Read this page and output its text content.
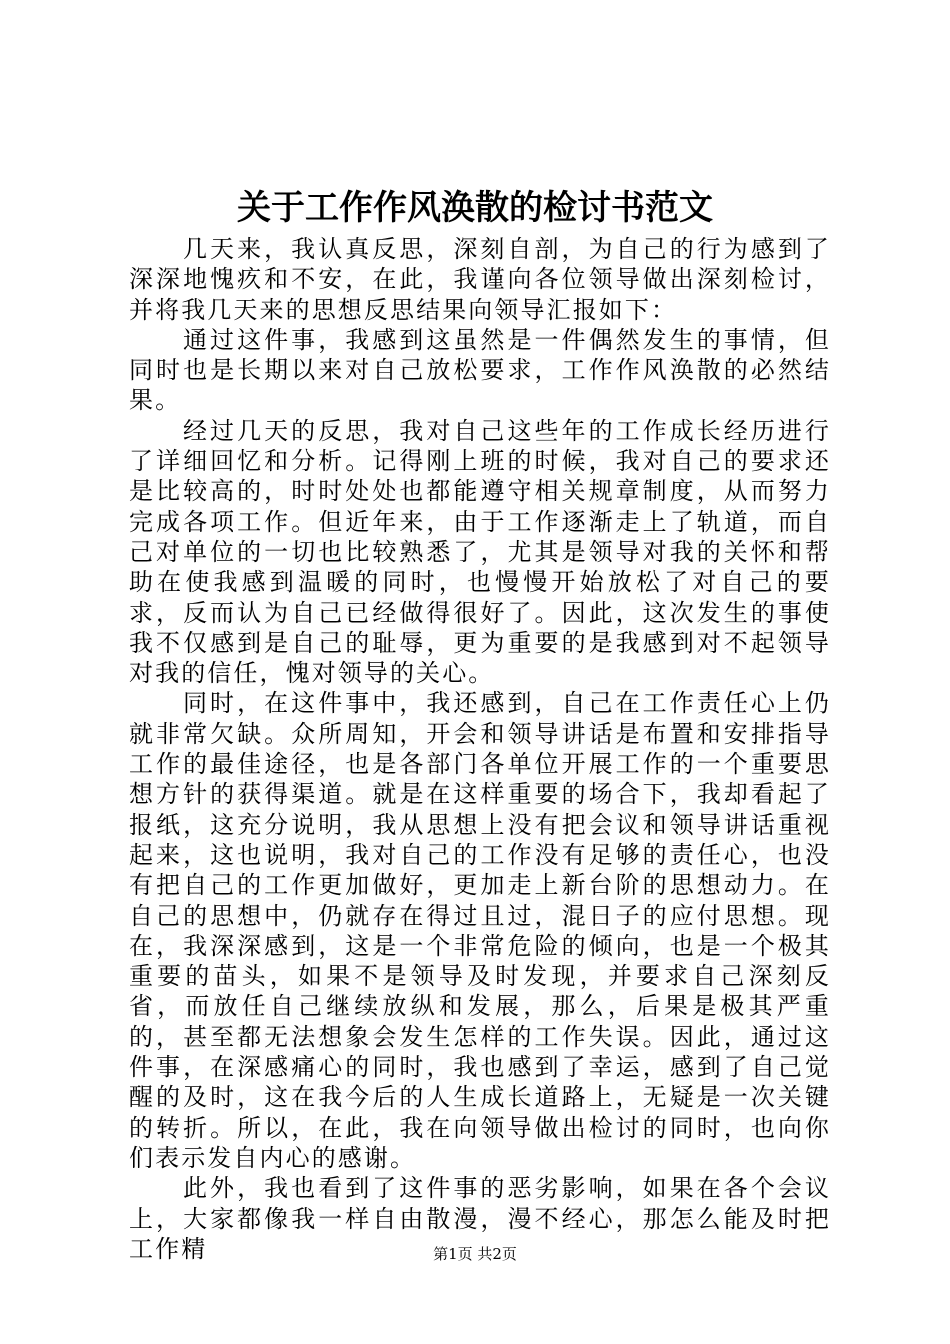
关于工作作风涣散的检讨书范文

几天来，我认真反思，深刻自剖，为自己的行为感到了深深地愧疚和不安，在此，我谨向各位领导做出深刻检讨，并将我几天来的思想反思结果向领导汇报如下：

通过这件事，我感到这虽然是一件偶然发生的事情，但同时也是长期以来对自己放松要求，工作作风涣散的必然结果。

经过几天的反思，我对自己这些年的工作成长经历进行了详细回忆和分析。记得刚上班的时候，我对自己的要求还是比较高的，时时处处也都能遵守相关规章制度，从而努力完成各项工作。但近年来，由于工作逐渐走上了轨道，而自己对单位的一切也比较熟悉了，尤其是领导对我的关怀和帮助在使我感到温暖的同时，也慢慢开始放松了对自己的要求，反而认为自己已经做得很好了。因此，这次发生的事使我不仅感到是自己的耻辱，更为重要的是我感到对不起领导对我的信任，愧对领导的关心。

同时，在这件事中，我还感到，自己在工作责任心上仍就非常欠缺。众所周知，开会和领导讲话是布置和安排指导工作的最佳途径，也是各部门各单位开展工作的一个重要思想方针的获得渠道。就是在这样重要的场合下，我却看起了报纸，这充分说明，我从思想上没有把会议和领导讲话重视起来，这也说明，我对自己的工作没有足够的责任心，也没有把自己的工作更加做好，更加走上新台阶的思想动力。在自己的思想中，仍就存在得过且过，混日子的应付思想。现在，我深深感到，这是一个非常危险的倾向，也是一个极其重要的苗头，如果不是领导及时发现，并要求自己深刻反省，而放任自己继续放纵和发展，那么，后果是极其严重的，甚至都无法想象会发生怎样的工作失误。因此，通过这件事，在深感痛心的同时，我也感到了幸运，感到了自己觉醒的及时，这在我今后的人生成长道路上，无疑是一次关键的转折。所以，在此，我在向领导做出检讨的同时，也向你们表示发自内心的感谢。

此外，我也看到了这件事的恶劣影响，如果在各个会议上，大家都像我一样自由散漫，漫不经心，那怎么能及时把工作精	第1页 共2页
